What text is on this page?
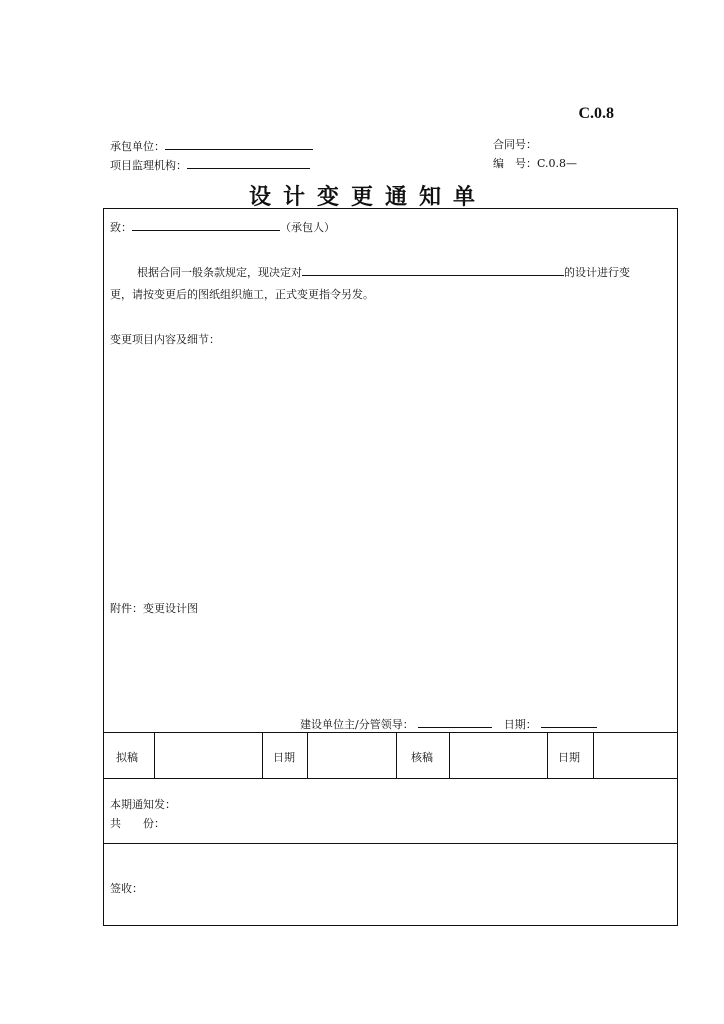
C.0.8
承包单位：
项目监理机构：
合同号：
编　号：C.0.8—
设计变更通知单
致：	（承包人）
根据合同一般条款规定，现决定对	的设计进行变
更，请按变更后的图纸组织施工，正式变更指令另发。
变更项目内容及细节：
附件：变更设计图
建设单位主/分管领导：	日期：
拟稿	日期	核稿	日期
本期通知发：
共　　份：
签收：
